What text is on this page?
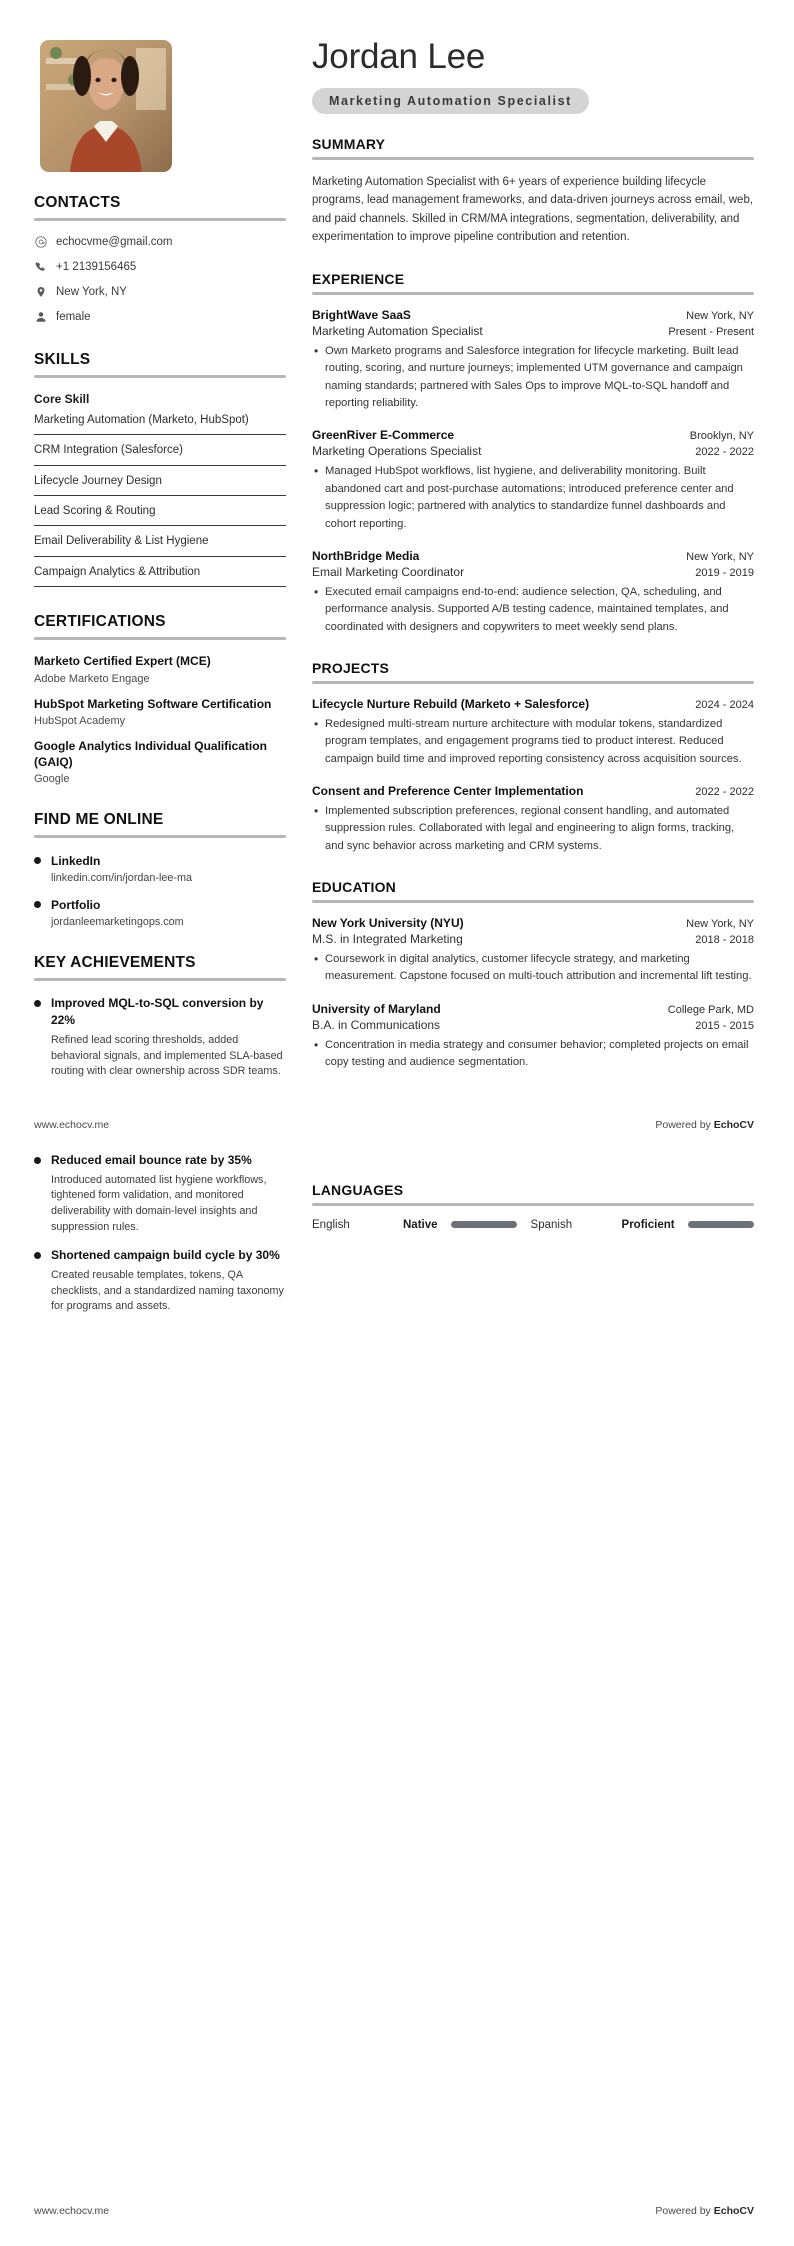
CONTACTS
echocvme@gmail.com
+1 2139156465
New York, NY
female
SKILLS
Core Skill
Marketing Automation (Marketo, HubSpot)
CRM Integration (Salesforce)
Lifecycle Journey Design
Lead Scoring & Routing
Email Deliverability & List Hygiene
Campaign Analytics & Attribution
CERTIFICATIONS
Marketo Certified Expert (MCE)
Adobe Marketo Engage
HubSpot Marketing Software Certification
HubSpot Academy
Google Analytics Individual Qualification (GAIQ)
Google
FIND ME ONLINE
LinkedIn
linkedin.com/in/jordan-lee-ma
Portfolio
jordanleemarketingops.com
KEY ACHIEVEMENTS
Improved MQL-to-SQL conversion by 22%
Refined lead scoring thresholds, added behavioral signals, and implemented SLA-based routing with clear ownership across SDR teams.
Reduced email bounce rate by 35%
Introduced automated list hygiene workflows, tightened form validation, and monitored deliverability with domain-level insights and suppression rules.
Shortened campaign build cycle by 30%
Created reusable templates, tokens, QA checklists, and a standardized naming taxonomy for programs and assets.
Jordan Lee
Marketing Automation Specialist
SUMMARY

Marketing Automation Specialist with 6+ years of experience building lifecycle programs, lead management frameworks, and data-driven journeys across email, web, and paid channels. Skilled in CRM/MA integrations, segmentation, deliverability, and experimentation to improve pipeline contribution and retention.

EXPERIENCE
BrightWave SaaS	New York, NY
Marketing Automation Specialist	Present - Present
• Own Marketo programs and Salesforce integration for lifecycle marketing. Built lead routing, scoring, and nurture journeys; implemented UTM governance and campaign naming standards; partnered with Sales Ops to improve MQL-to-SQL handoff and reporting reliability.
GreenRiver E-Commerce	Brooklyn, NY
Marketing Operations Specialist	2022 - 2022
• Managed HubSpot workflows, list hygiene, and deliverability monitoring. Built abandoned cart and post-purchase automations; introduced preference center and suppression logic; partnered with analytics to standardize funnel dashboards and cohort reporting.
NorthBridge Media	New York, NY
Email Marketing Coordinator	2019 - 2019
• Executed email campaigns end-to-end: audience selection, QA, scheduling, and performance analysis. Supported A/B testing cadence, maintained templates, and coordinated with designers and copywriters to meet weekly send plans.
PROJECTS
Lifecycle Nurture Rebuild (Marketo + Salesforce)	2024 - 2024
• Redesigned multi-stream nurture architecture with modular tokens, standardized program templates, and engagement programs tied to product interest. Reduced campaign build time and improved reporting consistency across acquisition sources.
Consent and Preference Center Implementation	2022 - 2022
• Implemented subscription preferences, regional consent handling, and automated suppression rules. Collaborated with legal and engineering to align forms, tracking, and sync behavior across marketing and CRM systems.
EDUCATION
New York University (NYU)	New York, NY
M.S. in Integrated Marketing	2018 - 2018
• Coursework in digital analytics, customer lifecycle strategy, and marketing measurement. Capstone focused on multi-touch attribution and incremental lift testing.
University of Maryland	College Park, MD
B.A. in Communications	2015 - 2015
• Concentration in media strategy and consumer behavior; completed projects on email copy testing and audience segmentation.
LANGUAGES
English	Native	Spanish	Proficient
www.echocv.me	Powered by EchoCV
www.echocv.me	Powered by EchoCV
